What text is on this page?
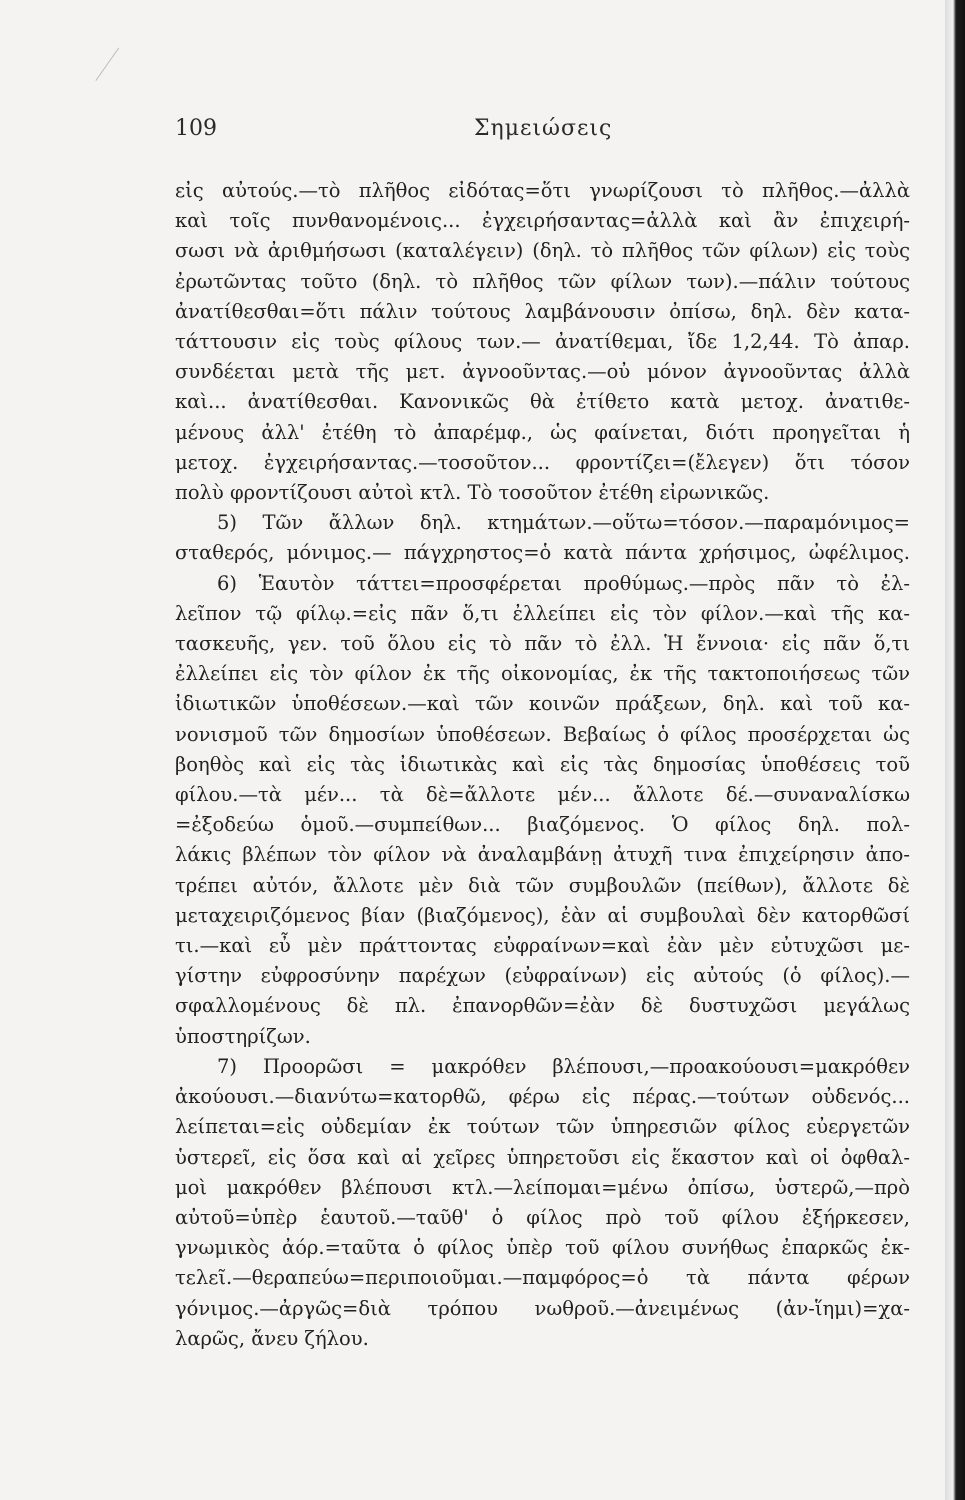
109	Σημειώσεις
εἰς αὐτούς.—τὸ πλῆθος εἰδότας=ὅτι γνωρίζουσι τὸ πλῆθος.—ἀλλὰ
καὶ τοῖς πυνθανομένοις... ἐγχειρήσαντας=ἀλλὰ καὶ ἂν ἐπιχειρή-
σωσι νὰ ἀριθμήσωσι (καταλέγειν) (δηλ. τὸ πλῆθος τῶν φίλων) εἰς τοὺς
ἐρωτῶντας τοῦτο (δηλ. τὸ πλῆθος τῶν φίλων των).—πάλιν τούτους
ἀνατίθεσθαι=ὅτι πάλιν τούτους λαμβάνουσιν ὀπίσω, δηλ. δὲν κατα-
τάττουσιν εἰς τοὺς φίλους των.— ἀνατίθεμαι, ἴδε 1,2,44. Τὸ ἀπαρ.
συνδέεται μετὰ τῆς μετ. ἀγνοοῦντας.—οὐ μόνον ἀγνοοῦντας ἀλλὰ
καὶ... ἀνατίθεσθαι. Κανονικῶς θὰ ἐτίθετο κατὰ μετοχ. ἀνατιθε-
μένους ἀλλ' ἐτέθη τὸ ἀπαρέμφ., ὡς φαίνεται, διότι προηγεῖται ἡ
μετοχ. ἐγχειρήσαντας.—τοσοῦτον... φροντίζει=(ἔλεγεν) ὅτι τόσον
πολὺ φροντίζουσι αὐτοὶ κτλ. Τὸ τοσοῦτον ἐτέθη εἰρωνικῶς.
5) Τῶν ἄλλων δηλ. κτημάτων.—οὕτω=τόσον.—παραμόνιμος=
σταθερός, μόνιμος.— πάγχρηστος=ὁ κατὰ πάντα χρήσιμος, ὠφέλιμος.
6) Ἑαυτὸν τάττει=προσφέρεται προθύμως.—πρὸς πᾶν τὸ ἐλ-
λεῖπον τῷ φίλῳ.=εἰς πᾶν ὅ,τι ἐλλείπει εἰς τὸν φίλον.—καὶ τῆς κα-
τασκευῆς, γεν. τοῦ ὅλου εἰς τὸ πᾶν τὸ ἐλλ. Ἡ ἔννοια· εἰς πᾶν ὅ,τι
ἐλλείπει εἰς τὸν φίλον ἐκ τῆς οἰκονομίας, ἐκ τῆς τακτοποιήσεως τῶν
ἰδιωτικῶν ὑποθέσεων.—καὶ τῶν κοινῶν πράξεων, δηλ. καὶ τοῦ κα-
νονισμοῦ τῶν δημοσίων ὑποθέσεων. Βεβαίως ὁ φίλος προσέρχεται ὡς
βοηθὸς καὶ εἰς τὰς ἰδιωτικὰς καὶ εἰς τὰς δημοσίας ὑποθέσεις τοῦ
φίλου.—τὰ μέν... τὰ δὲ=ἄλλοτε μέν... ἄλλοτε δέ.—συναναλίσκω
=ἐξοδεύω ὁμοῦ.—συμπείθων... βιαζόμενος. Ὁ φίλος δηλ. πολ-
λάκις βλέπων τὸν φίλον νὰ ἀναλαμβάνῃ ἀτυχῆ τινα ἐπιχείρησιν ἀπο-
τρέπει αὐτόν, ἄλλοτε μὲν διὰ τῶν συμβουλῶν (πείθων), ἄλλοτε δὲ
μεταχειριζόμενος βίαν (βιαζόμενος), ἐὰν αἱ συμβουλαὶ δὲν κατορθῶσί
τι.—καὶ εὖ μὲν πράττοντας εὐφραίνων=καὶ ἐὰν μὲν εὐτυχῶσι με-
γίστην εὐφροσύνην παρέχων (εὐφραίνων) εἰς αὐτούς (ὁ φίλος).—
σφαλλομένους δὲ πλ. ἐπανορθῶν=ἐὰν δὲ δυστυχῶσι μεγάλως
ὑποστηρίζων.
7) Προορῶσι = μακρόθεν βλέπουσι,—προακούουσι=μακρόθεν
ἀκούουσι.—διανύτω=κατορθῶ, φέρω εἰς πέρας.—τούτων οὐδενός...
λείπεται=εἰς οὐδεμίαν ἐκ τούτων τῶν ὑπηρεσιῶν φίλος εὐεργετῶν
ὑστερεῖ, εἰς ὅσα καὶ αἱ χεῖρες ὑπηρετοῦσι εἰς ἕκαστον καὶ οἱ ὀφθαλ-
μοὶ μακρόθεν βλέπουσι κτλ.—λείπομαι=μένω ὀπίσω, ὑστερῶ,—πρὸ
αὐτοῦ=ὑπὲρ ἑαυτοῦ.—ταῦθ' ὁ φίλος πρὸ τοῦ φίλου ἐξήρκεσεν,
γνωμικὸς ἀόρ.=ταῦτα ὁ φίλος ὑπὲρ τοῦ φίλου συνήθως ἐπαρκῶς ἐκ-
τελεῖ.—θεραπεύω=περιποιοῦμαι.—παμφόρος=ὁ τὰ πάντα φέρων
γόνιμος.—ἀργῶς=διὰ τρόπου νωθροῦ.—ἀνειμένως (ἀν-ἵημι)=χα-
λαρῶς, ἄνευ ζήλου.
